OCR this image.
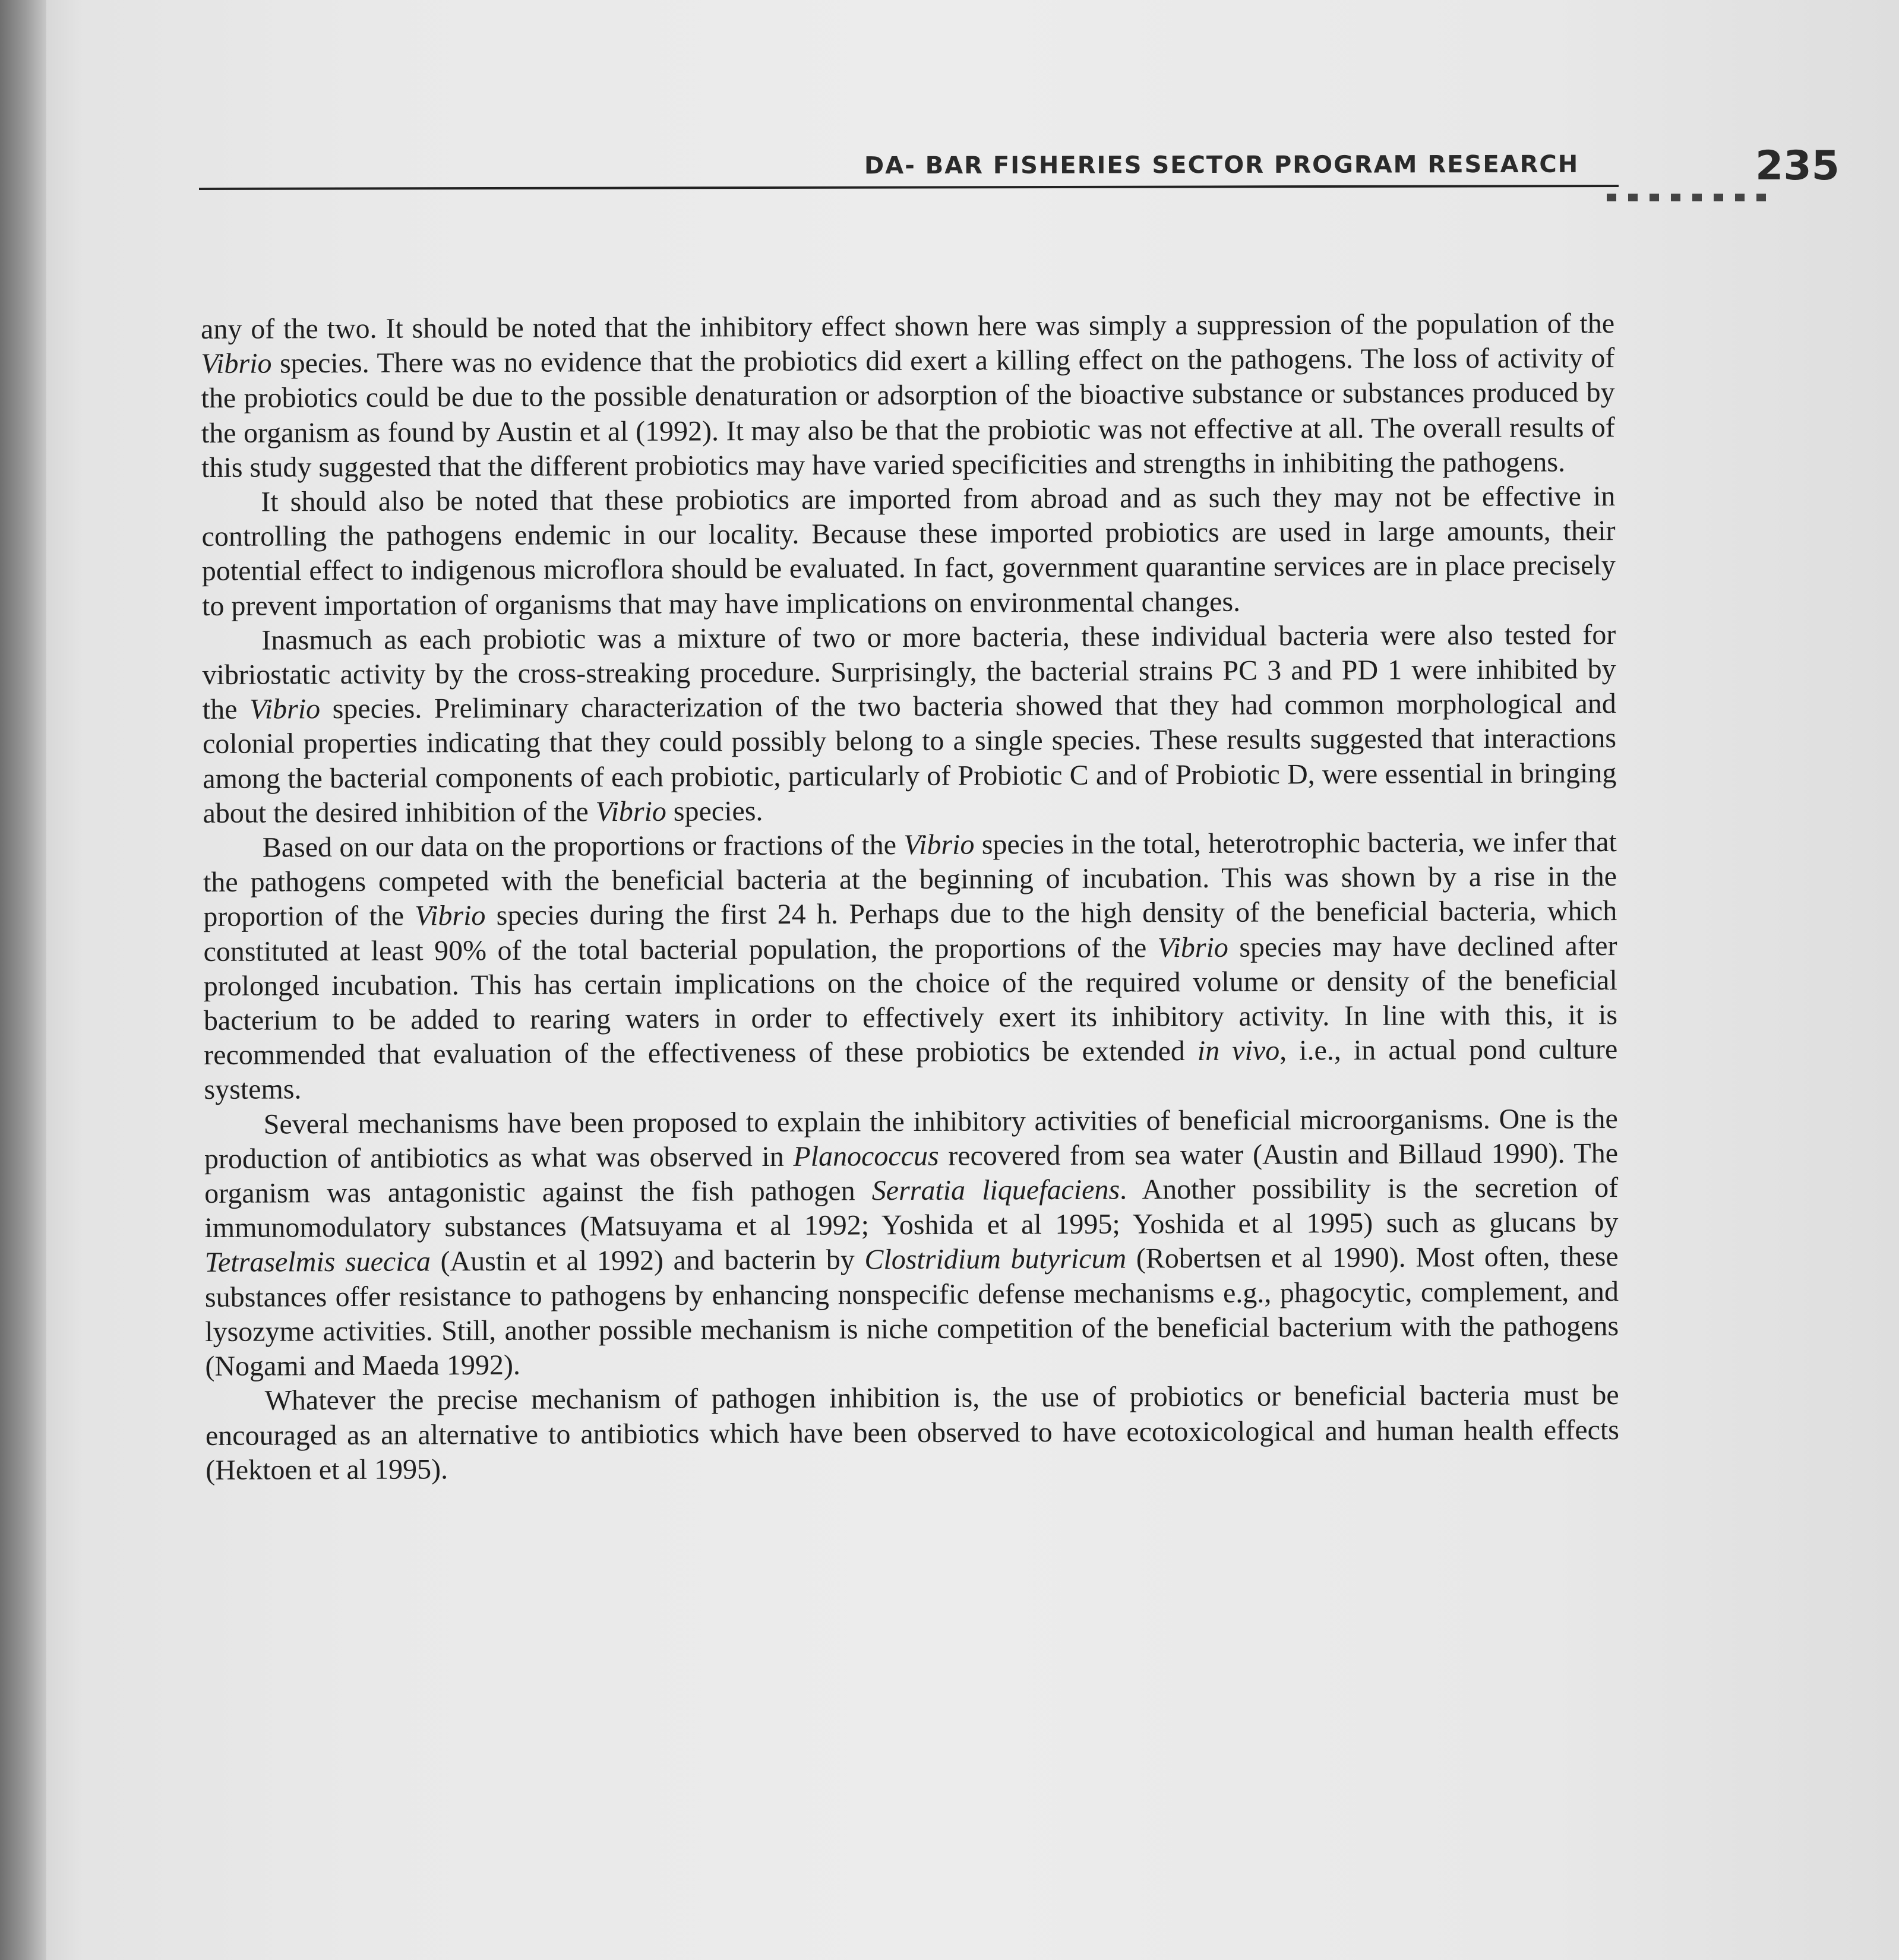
DA- BAR FISHERIES SECTOR PROGRAM RESEARCH	235

any of the two. It should be noted that the inhibitory effect shown here was simply a suppression of the population of the Vibrio species. There was no evidence that the probiotics did exert a killing effect on the pathogens. The loss of activity of the probiotics could be due to the possible denaturation or adsorption of the bioactive substance or substances produced by the organism as found by Austin et al (1992). It may also be that the probiotic was not effective at all. The overall results of this study suggested that the different probiotics may have varied specificities and strengths in inhibiting the pathogens.

It should also be noted that these probiotics are imported from abroad and as such they may not be effective in controlling the pathogens endemic in our locality. Because these imported probiotics are used in large amounts, their potential effect to indigenous microflora should be evaluated. In fact, government quarantine services are in place precisely to prevent importation of organisms that may have implications on environmental changes.

Inasmuch as each probiotic was a mixture of two or more bacteria, these individual bacteria were also tested for vibriostatic activity by the cross-streaking procedure. Surprisingly, the bacterial strains PC 3 and PD 1 were inhibited by the Vibrio species. Preliminary characterization of the two bacteria showed that they had common morphological and colonial properties indicating that they could possibly belong to a single species. These results suggested that interactions among the bacterial components of each probiotic, particularly of Probiotic C and of Probiotic D, were essential in bringing about the desired inhibition of the Vibrio species.

Based on our data on the proportions or fractions of the Vibrio species in the total, heterotrophic bacteria, we infer that the pathogens competed with the beneficial bacteria at the beginning of incubation. This was shown by a rise in the proportion of the Vibrio species during the first 24 h. Perhaps due to the high density of the beneficial bacteria, which constituted at least 90% of the total bacterial population, the proportions of the Vibrio species may have declined after prolonged incubation. This has certain implications on the choice of the required volume or density of the beneficial bacterium to be added to rearing waters in order to effectively exert its inhibitory activity. In line with this, it is recommended that evaluation of the effectiveness of these probiotics be extended in vivo, i.e., in actual pond culture systems.

Several mechanisms have been proposed to explain the inhibitory activities of beneficial microorganisms. One is the production of antibiotics as what was observed in Planococcus recovered from sea water (Austin and Billaud 1990). The organism was antagonistic against the fish pathogen Serratia liquefaciens. Another possibility is the secretion of immunomodulatory substances (Matsuyama et al 1992; Yoshida et al 1995; Yoshida et al 1995) such as glucans by Tetraselmis suecica (Austin et al 1992) and bacterin by Clostridium butyricum (Robertsen et al 1990). Most often, these substances offer resistance to pathogens by enhancing nonspecific defense mechanisms e.g., phagocytic, complement, and lysozyme activities. Still, another possible mechanism is niche competition of the beneficial bacterium with the pathogens (Nogami and Maeda 1992).

Whatever the precise mechanism of pathogen inhibition is, the use of probiotics or beneficial bacteria must be encouraged as an alternative to antibiotics which have been observed to have ecotoxicological and human health effects (Hektoen et al 1995).
